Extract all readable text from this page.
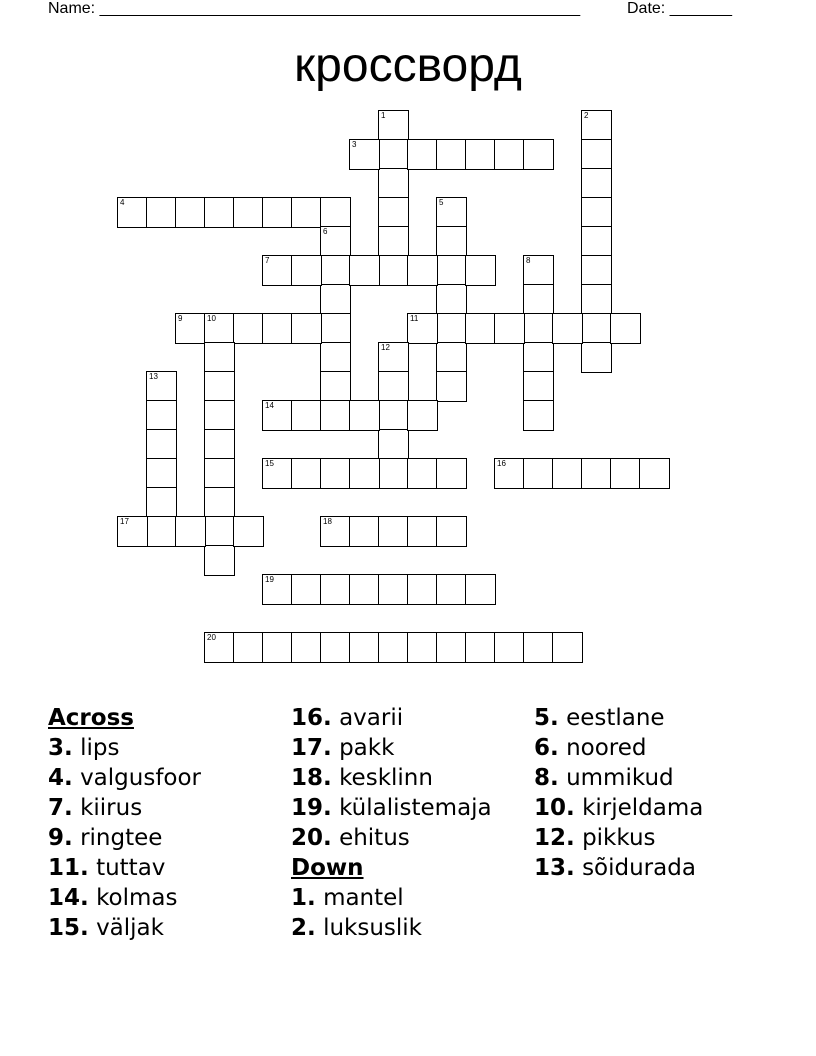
Name: ______________________________________________________	Date: _______
кроссворд
1	2
3
4	5
6
7	8
9	10	11
12
13
14
15	16
17	18
19
20
Across
3. lips
4. valgusfoor
7. kiirus
9. ringtee
11. tuttav
14. kolmas
15. väljak
16. avarii
17. pakk
18. kesklinn
19. külalistemaja
20. ehitus
Down
1. mantel
2. luksuslik
5. eestlane
6. noored
8. ummikud
10. kirjeldama
12. pikkus
13. sõidurada
